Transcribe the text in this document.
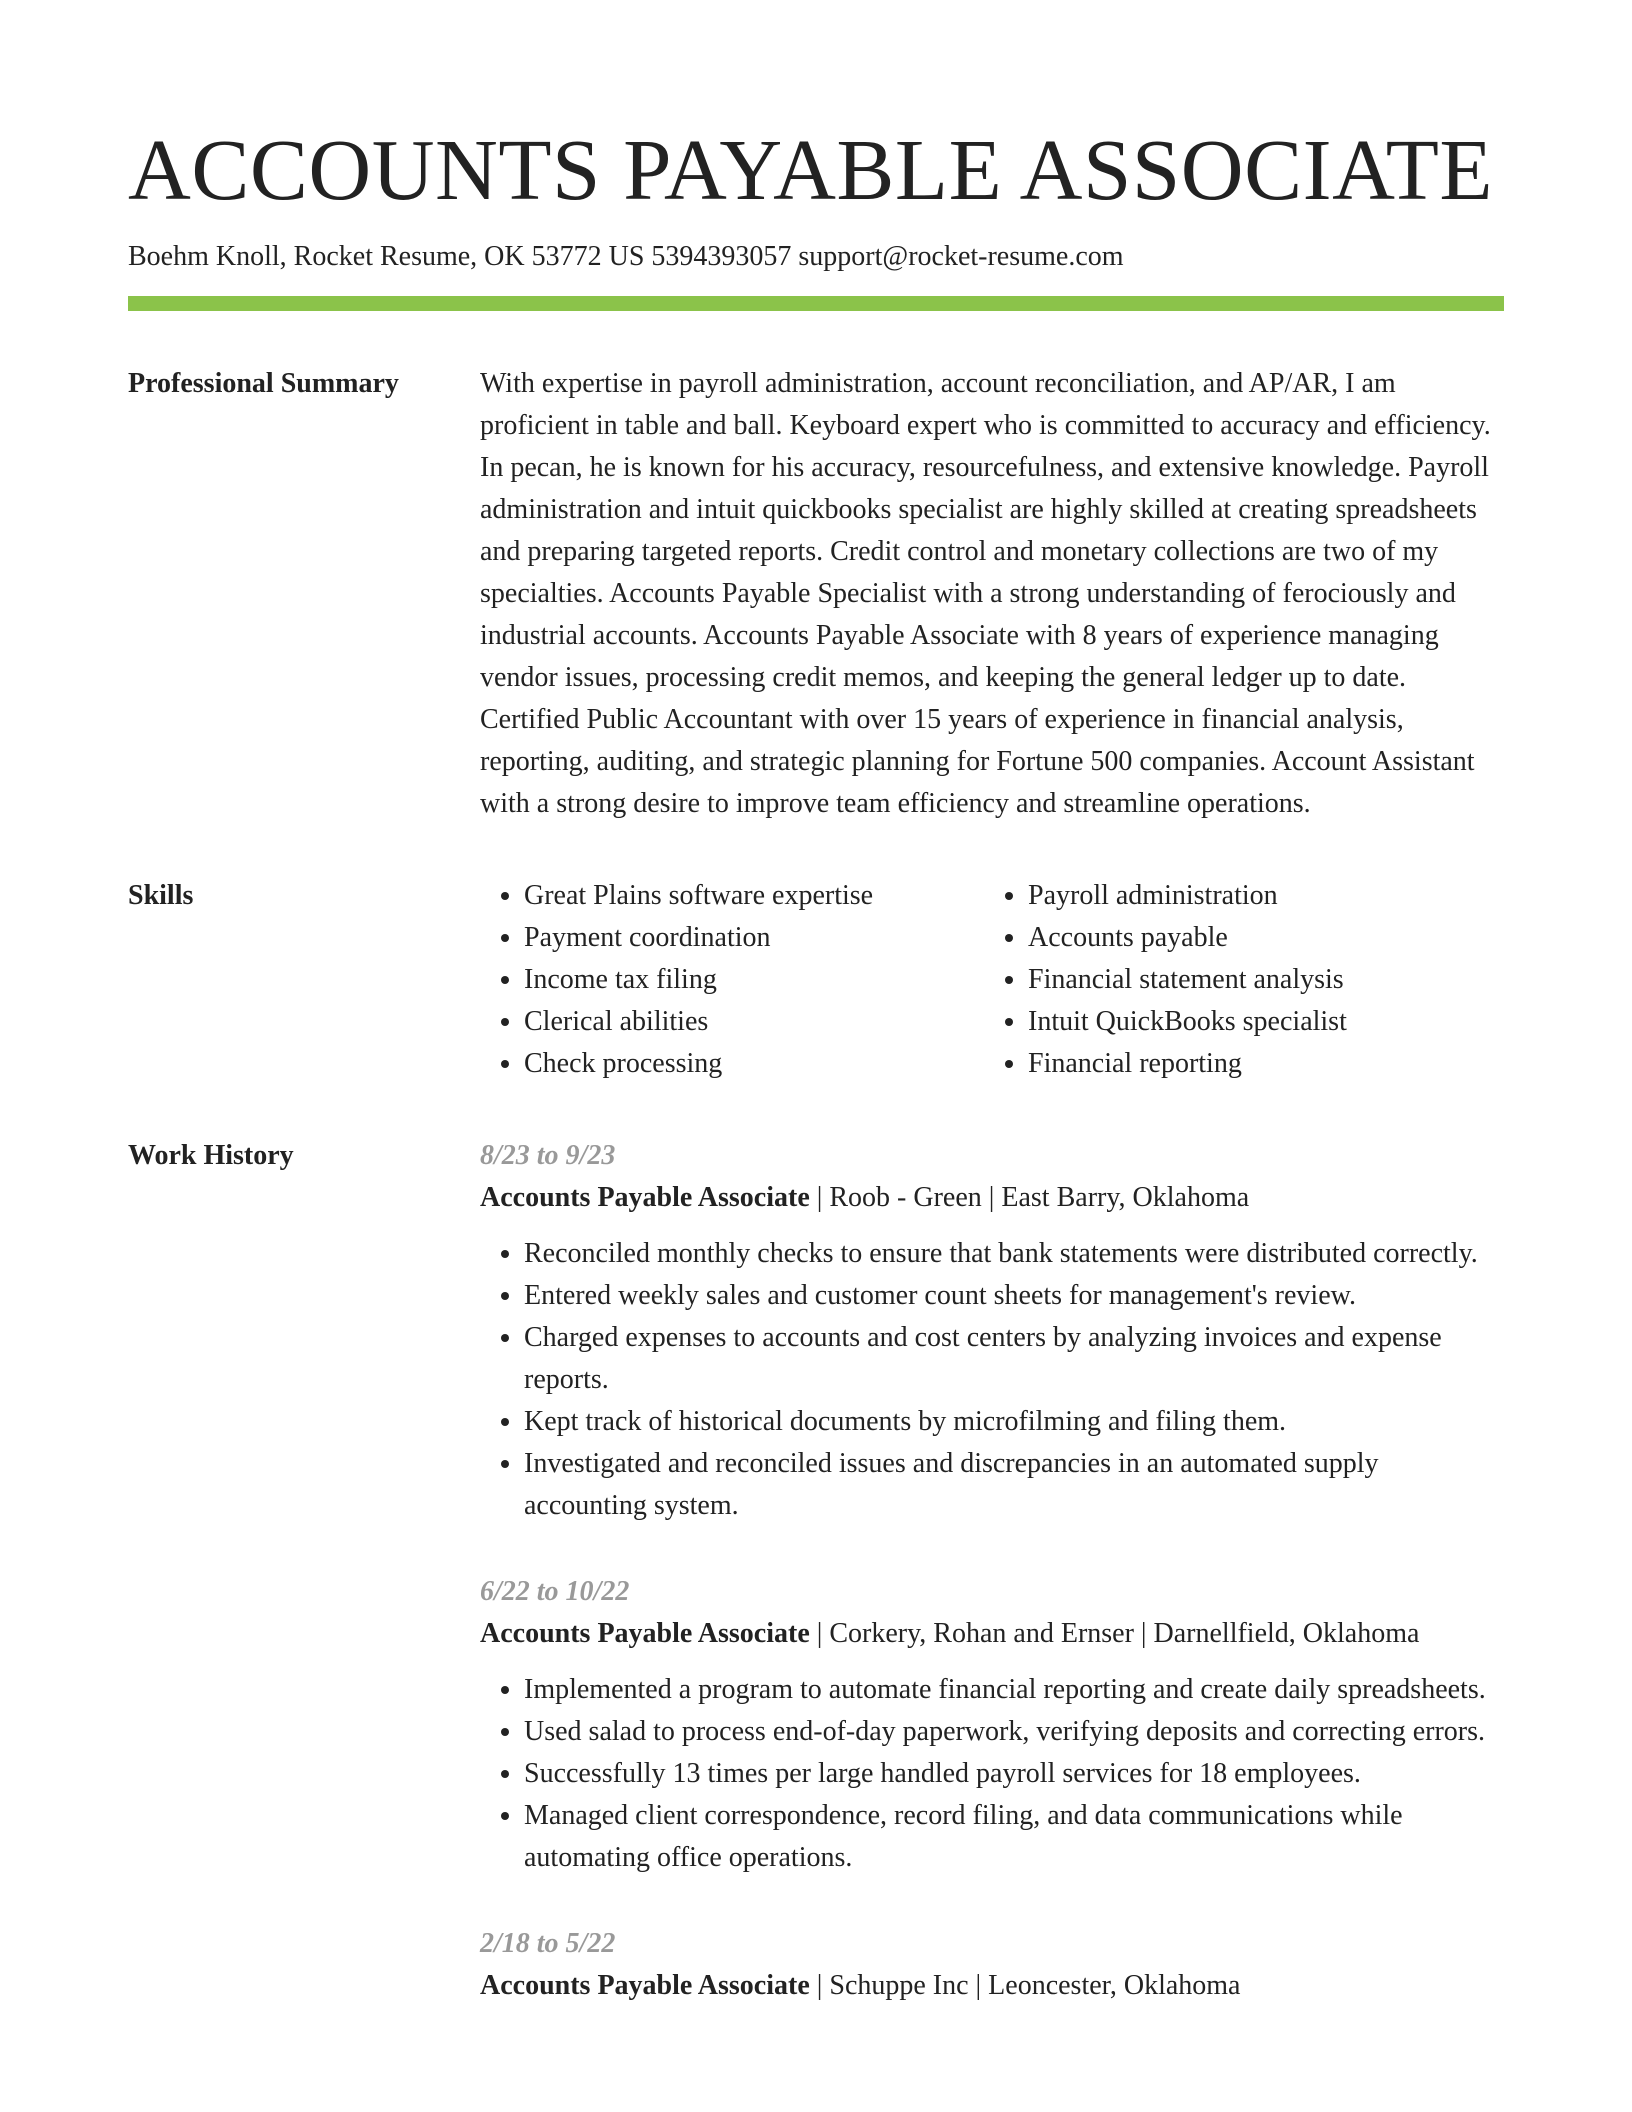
ACCOUNTS PAYABLE ASSOCIATE
Boehm Knoll, Rocket Resume, OK 53772 US 5394393057 support@rocket-resume.com
Professional Summary	With expertise in payroll administration, account reconciliation, and AP/AR, I am proficient in table and ball. Keyboard expert who is committed to accuracy and efficiency. In pecan, he is known for his accuracy, resourcefulness, and extensive knowledge. Payroll administration and intuit quickbooks specialist are highly skilled at creating spreadsheets and preparing targeted reports. Credit control and monetary collections are two of my specialties. Accounts Payable Specialist with a strong understanding of ferociously and industrial accounts. Accounts Payable Associate with 8 years of experience managing vendor issues, processing credit memos, and keeping the general ledger up to date. Certified Public Accountant with over 15 years of experience in financial analysis, reporting, auditing, and strategic planning for Fortune 500 companies. Account Assistant with a strong desire to improve team efficiency and streamline operations.

Skills
•	Great Plains software expertise
• Payment coordination
• Income tax filing
• Clerical abilities
• Check processing
• Payroll administration
• Accounts payable
• Financial statement analysis
• Intuit QuickBooks specialist
• Financial reporting
Work History	8/23 to 9/23
Accounts Payable Associate | Roob - Green | East Barry, Oklahoma
• Reconciled monthly checks to ensure that bank statements were distributed correctly.
• Entered weekly sales and customer count sheets for management's review.
• Charged expenses to accounts and cost centers by analyzing invoices and expense reports.
• Kept track of historical documents by microfilming and filing them.
• Investigated and reconciled issues and discrepancies in an automated supply accounting system.
6/22 to 10/22
Accounts Payable Associate | Corkery, Rohan and Ernser | Darnellfield, Oklahoma
• Implemented a program to automate financial reporting and create daily spreadsheets.
• Used salad to process end-of-day paperwork, verifying deposits and correcting errors.
• Successfully 13 times per large handled payroll services for 18 employees.
• Managed client correspondence, record filing, and data communications while automating office operations.
2/18 to 5/22
Accounts Payable Associate | Schuppe Inc | Leoncester, Oklahoma
